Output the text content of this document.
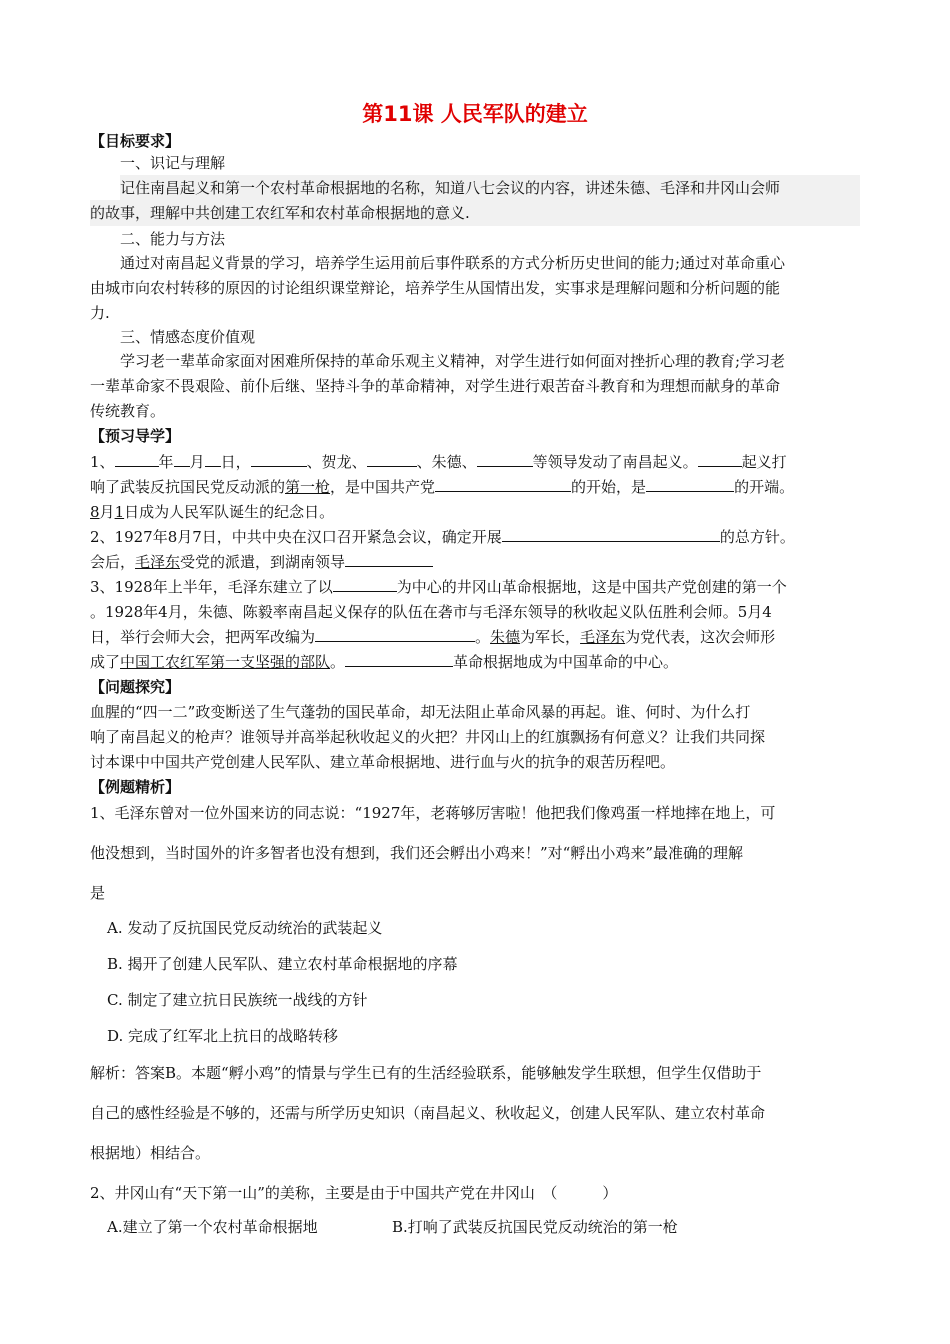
第11课 人民军队的建立
【目标要求】
一、识记与理解
记住南昌起义和第一个农村革命根据地的名称，知道八七会议的内容，讲述朱德、毛泽和井冈山会师
的故事，理解中共创建工农红军和农村革命根据地的意义.
二、能力与方法
通过对南昌起义背景的学习，培养学生运用前后事件联系的方式分析历史世间的能力;通过对革命重心
由城市向农村转移的原因的讨论组织课堂辩论，培养学生从国情出发，实事求是理解问题和分析问题的能
力.
三、情感态度价值观
学习老一辈革命家面对困难所保持的革命乐观主义精神，对学生进行如何面对挫折心理的教育;学习老
一辈革命家不畏艰险、前仆后继、坚持斗争的革命精神，对学生进行艰苦奋斗教育和为理想而献身的革命
传统教育。
【预习导学】
1、	年 月 日，	、贺龙、	、朱德、	等领导发动了南昌起义。	起义打
响了武装反抗国民党反动派的第一枪，是中国共产党	的开始，是	的开端。
8月1日成为人民军队诞生的纪念日。
2、1927年8月7日，中共中央在汉口召开紧急会议，确定开展	的总方针。
会后，毛泽东受党的派遣，到湖南领导
3、1928年上半年，毛泽东建立了以	为中心的井冈山革命根据地，这是中国共产党创建的第一个
。1928年4月，朱德、陈毅率南昌起义保存的队伍在砻市与毛泽东领导的秋收起义队伍胜利会师。5月4
日，举行会师大会，把两军改编为	。朱德为军长，毛泽东为党代表，这次会师形
成了中国工农红军第一支坚强的部队。	革命根据地成为中国革命的中心。
【问题探究】
血腥的“四一二”政变断送了生气蓬勃的国民革命，却无法阻止革命风暴的再起。谁、何时、为什么打
响了南昌起义的枪声？谁领导并高举起秋收起义的火把？井冈山上的红旗飘扬有何意义？让我们共同探
讨本课中中国共产党创建人民军队、建立革命根据地、进行血与火的抗争的艰苦历程吧。
【例题精析】
1、毛泽东曾对一位外国来访的同志说：“1927年，老蒋够厉害啦！他把我们像鸡蛋一样地摔在地上，可
他没想到，当时国外的许多智者也没有想到，我们还会孵出小鸡来！”对“孵出小鸡来”最准确的理解
是
A. 发动了反抗国民党反动统治的武装起义
B. 揭开了创建人民军队、建立农村革命根据地的序幕
C. 制定了建立抗日民族统一战线的方针
D. 完成了红军北上抗日的战略转移
解析：答案B。本题“孵小鸡”的情景与学生已有的生活经验联系，能够触发学生联想，但学生仅借助于
自己的感性经验是不够的，还需与所学历史知识（南昌起义、秋收起义，创建人民军队、建立农村革命
根据地）相结合。
2、井冈山有“天下第一山”的美称，主要是由于中国共产党在井冈山　（　　　）
A.建立了第一个农村革命根据地	B.打响了武装反抗国民党反动统治的第一枪
